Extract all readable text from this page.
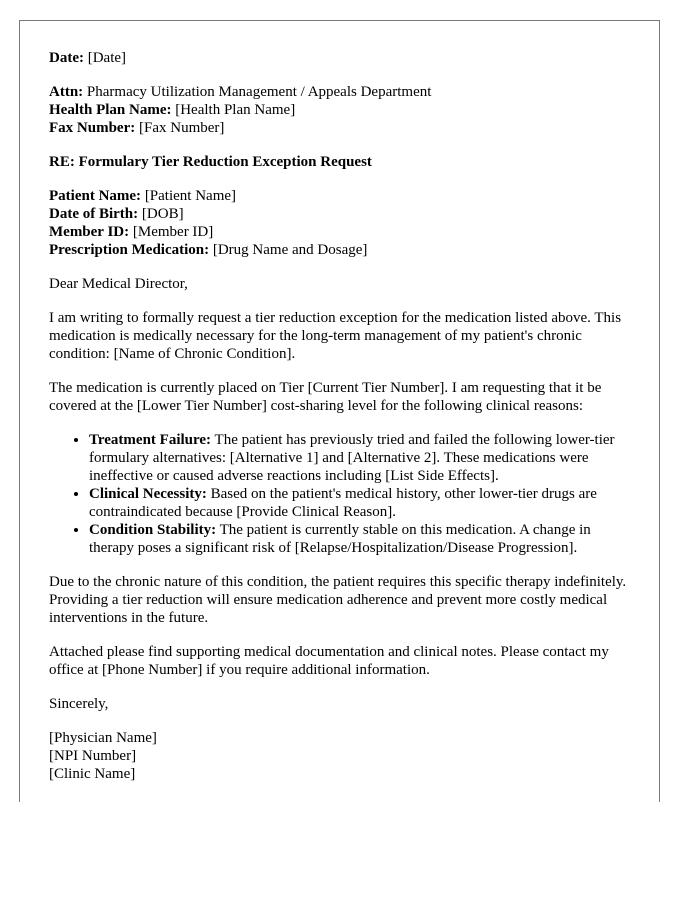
Date: [Date]
Attn: Pharmacy Utilization Management / Appeals Department
Health Plan Name: [Health Plan Name]
Fax Number: [Fax Number]
RE: Formulary Tier Reduction Exception Request
Patient Name: [Patient Name]
Date of Birth: [DOB]
Member ID: [Member ID]
Prescription Medication: [Drug Name and Dosage]

Dear Medical Director,

I am writing to formally request a tier reduction exception for the medication listed above. This medication is medically necessary for the long-term management of my patient's chronic condition: [Name of Chronic Condition].

The medication is currently placed on Tier [Current Tier Number]. I am requesting that it be covered at the [Lower Tier Number] cost-sharing level for the following clinical reasons:

• Treatment Failure: The patient has previously tried and failed the following lower-tier formulary alternatives: [Alternative 1] and [Alternative 2]. These medications were ineffective or caused adverse reactions including [List Side Effects].
• Clinical Necessity: Based on the patient's medical history, other lower-tier drugs are contraindicated because [Provide Clinical Reason].
• Condition Stability: The patient is currently stable on this medication. A change in therapy poses a significant risk of [Relapse/Hospitalization/Disease Progression].

Due to the chronic nature of this condition, the patient requires this specific therapy indefinitely. Providing a tier reduction will ensure medication adherence and prevent more costly medical interventions in the future.

Attached please find supporting medical documentation and clinical notes. Please contact my office at [Phone Number] if you require additional information.

Sincerely,

[Physician Name]
[NPI Number]
[Clinic Name]
